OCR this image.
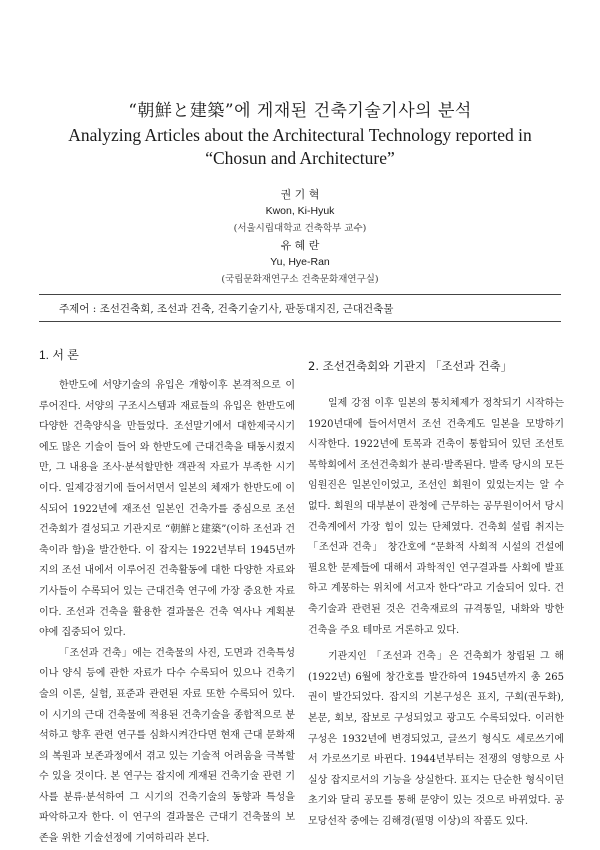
“朝鮮と建築”에 게재된 건축기술기사의 분석
Analyzing Articles about the Architectural Technology reported in “Chosun and Architecture”
권 기 혁
Kwon, Ki-Hyuk
(서울시립대학교 건축학부 교수)
유 혜 란
Yu, Hye-Ran
(국립문화재연구소 건축문화재연구실)
주제어 : 조선건축회, 조선과 건축, 건축기술기사, 판동대지진, 근대건축물
1. 서 론

한반도에 서양기술의 유입은 개항이후 본격적으로 이루어진다. 서양의 구조시스템과 재료들의 유입은 한반도에 다양한 건축양식을 만들었다. 조선말기에서 대한제국시기에도 많은 기술이 들어 와 한반도에 근대건축을 태동시켰지만, 그 내용을 조사·분석할만한 객관적 자료가 부족한 시기이다. 일제강점기에 들어서면서 일본의 체재가 한반도에 이식되어 1922년에 재조선 일본인 건축가를 중심으로 조선건축회가 결성되고 기관지로 “朝鮮と建築”(이하 조선과 건축이라 함)을 발간한다. 이 잡지는 1922년부터 1945년까지의 조선 내에서 이루어진 건축활동에 대한 다양한 자료와 기사들이 수록되어 있는 근대건축 연구에 가장 중요한 자료이다. 조선과 건축을 활용한 결과물은 건축 역사나 계획분야에 집중되어 있다.

「조선과 건축」에는 건축물의 사진, 도면과 건축특성이나 양식 등에 관한 자료가 다수 수록되어 있으나 건축기술의 이론, 실험, 표준과 관련된 자료 또한 수록되어 있다. 이 시기의 근대 건축물에 적용된 건축기술을 종합적으로 분석하고 향후 관련 연구를 심화시켜간다면 현재 근대 문화재의 복원과 보존과정에서 겪고 있는 기술적 어려움을 극복할 수 있을 것이다. 본 연구는 잡지에 게재된 건축기술 관련 기사를 분류·분석하여 그 시기의 건축기술의 동향과 특성을 파악하고자 한다. 이 연구의 결과물은 근대기 건축물의 보존을 위한 기술선정에 기여하리라 본다.

2. 조선건축회와 기관지 「조선과 건축」

일제 강점 이후 일본의 통치체제가 정착되기 시작하는 1920년대에 들어서면서 조선 건축계도 일본을 모방하기 시작한다. 1922년에 토목과 건축이 통합되어 있던 조선토목학회에서 조선건축회가 분리·발족된다. 발족 당시의 모든 임원진은 일본인이었고, 조선인 회원이 있었는지는 알 수 없다. 회원의 대부분이 관청에 근무하는 공무원이어서 당시 건축계에서 가장 힘이 있는 단체였다. 건축회 설립 취지는 「조선과 건축」 창간호에 “문화적 사회적 시설의 건설에 필요한 문제들에 대해서 과학적인 연구결과를 사회에 발표하고 계몽하는 위치에 서고자 한다”라고 기술되어 있다. 건축기술과 관련된 것은 건축재료의 규격통일, 내화와 방한 건축을 주요 테마로 거론하고 있다.

기관지인 「조선과 건축」은 건축회가 창립된 그 해(1922년) 6월에 창간호를 발간하여 1945년까지 총 265권이 발간되었다. 잡지의 기본구성은 표지, 구회(권두화), 본문, 회보, 잡보로 구성되었고 광고도 수록되었다. 이러한 구성은 1932년에 변경되었고, 글쓰기 형식도 세로쓰기에서 가로쓰기로 바뀐다. 1944년부터는 전쟁의 영향으로 사실상 잡지로서의 기능을 상실한다. 표지는 단순한 형식이던 초기와 달리 공모를 통해 문양이 있는 것으로 바뀌었다. 공모당선작 중에는 김해경(필명 이상)의 작품도 있다.
